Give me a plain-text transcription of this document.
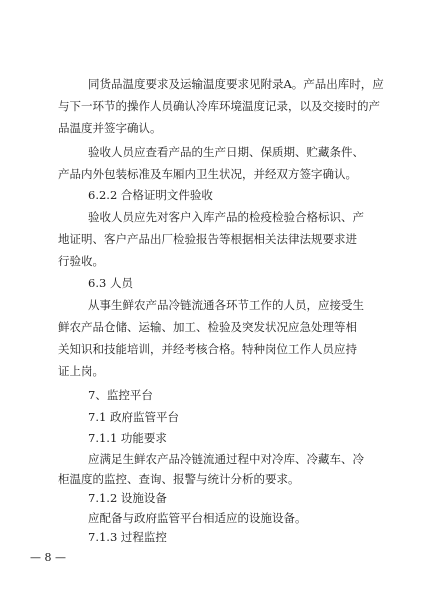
同货品温度要求及运输温度要求见附录A。产品出库时，应
与下一环节的操作人员确认冷库环境温度记录，以及交接时的产
品温度并签字确认。
验收人员应查看产品的生产日期、保质期、贮藏条件、
产品内外包装标准及车厢内卫生状况，并经双方签字确认。
6.2.2 合格证明文件验收
验收人员应先对客户入库产品的检疫检验合格标识、产
地证明、客户产品出厂检验报告等根据相关法律法规要求进
行验收。
6.3 人员
从事生鲜农产品冷链流通各环节工作的人员，应接受生
鲜农产品仓储、运输、加工、检验及突发状况应急处理等相
关知识和技能培训，并经考核合格。特种岗位工作人员应持
证上岗。
7、监控平台
7.1 政府监管平台
7.1.1 功能要求
应满足生鲜农产品冷链流通过程中对冷库、冷藏车、冷
柜温度的监控、查询、报警与统计分析的要求。
7.1.2 设施设备
应配备与政府监管平台相适应的设施设备。
7.1.3 过程监控
— 8 —
